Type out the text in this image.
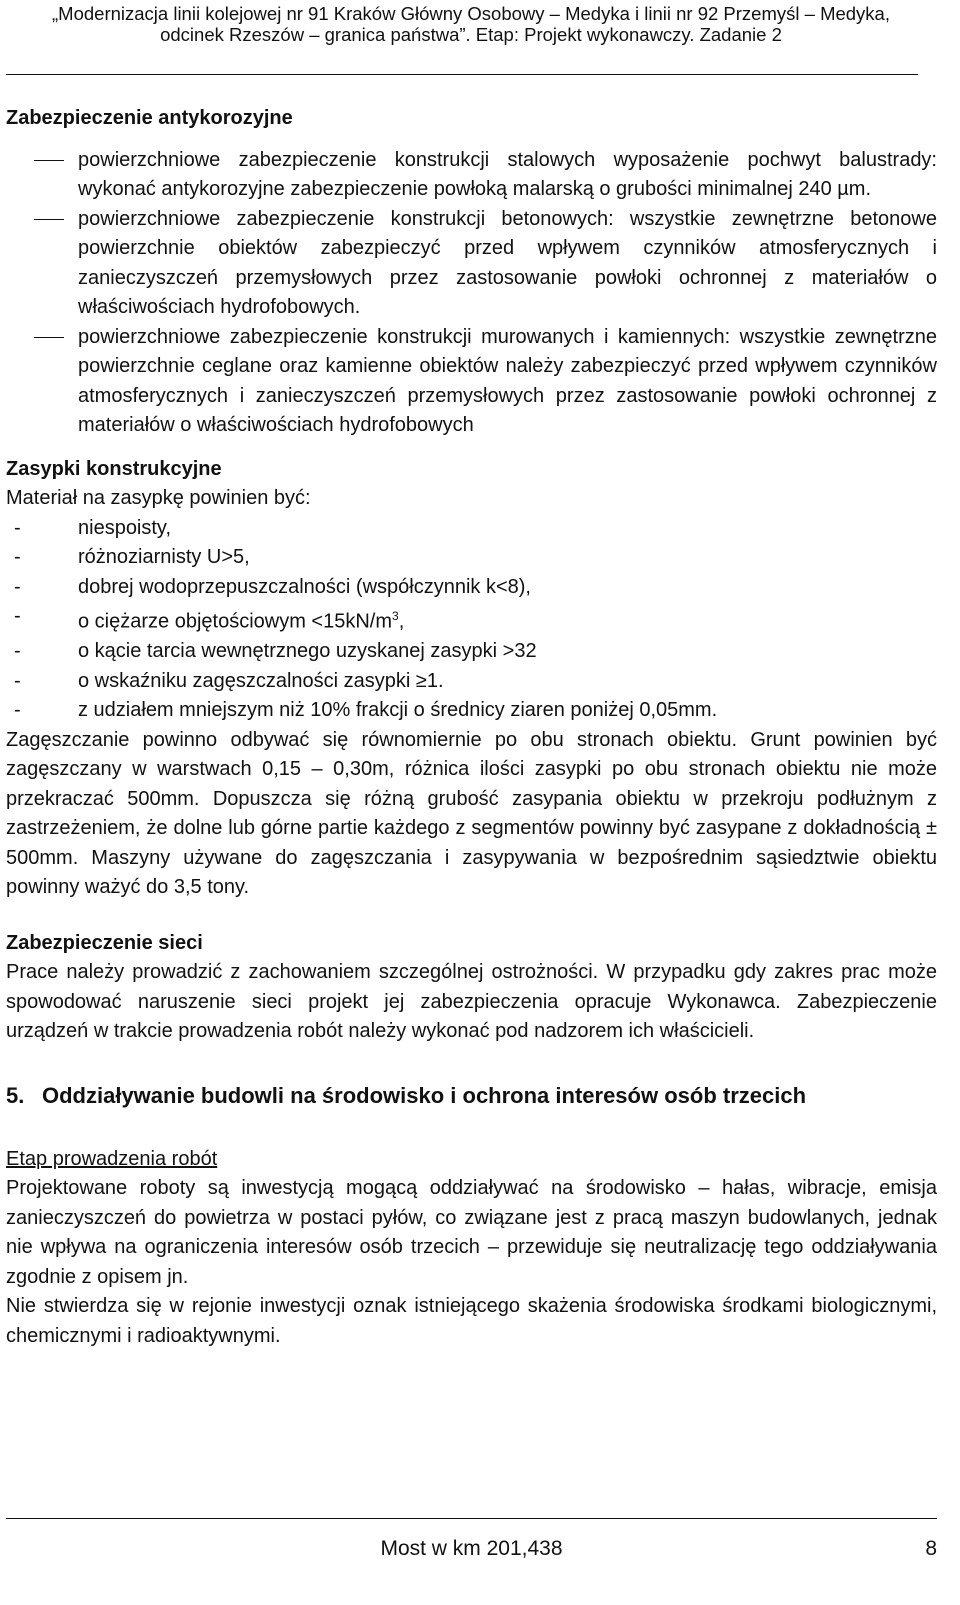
„Modernizacja linii kolejowej nr 91 Kraków Główny Osobowy – Medyka i linii nr 92 Przemyśl – Medyka,
odcinek Rzeszów – granica państwa”. Etap: Projekt wykonawczy. Zadanie 2
Zabezpieczenie antykorozyjne
powierzchniowe zabezpieczenie konstrukcji stalowych wyposażenie pochwyt balustrady: wykonać antykorozyjne zabezpieczenie powłoką malarską o grubości minimalnej 240 µm.
powierzchniowe zabezpieczenie konstrukcji betonowych: wszystkie zewnętrzne betonowe powierzchnie obiektów zabezpieczyć przed wpływem czynników atmosferycznych i zanieczyszczeń przemysłowych przez zastosowanie powłoki ochronnej z materiałów o właściwościach hydrofobowych.
powierzchniowe zabezpieczenie konstrukcji murowanych i kamiennych: wszystkie zewnętrzne powierzchnie ceglane oraz kamienne obiektów należy zabezpieczyć przed wpływem czynników atmosferycznych i zanieczyszczeń przemysłowych przez zastosowanie powłoki ochronnej z materiałów o właściwościach hydrofobowych
Zasypki konstrukcyjne

Materiał na zasypkę powinien być:

-	niespoisty,
-	różnoziarnisty U>5,
-	dobrej wodoprzepuszczalności (współczynnik k<8),
-	o ciężarze objętościowym $<15kN/m^3$,
-	o kącie tarcia wewnętrznego uzyskanej zasypki >32
-	o wskaźniku zagęszczalności zasypki ≥1.
-	z udziałem mniejszym niż 10% frakcji o średnicy ziaren poniżej 0,05mm.

Zagęszczanie powinno odbywać się równomiernie po obu stronach obiektu. Grunt powinien być zagęszczany w warstwach 0,15 – 0,30m, różnica ilości zasypki po obu stronach obiektu nie może przekraczać 500mm. Dopuszcza się różną grubość zasypania obiektu w przekroju podłużnym z zastrzeżeniem, że dolne lub górne partie każdego z segmentów powinny być zasypane z dokładnością ± 500mm. Maszyny używane do zagęszczania i zasypywania w bezpośrednim sąsiedztwie obiektu powinny ważyć do 3,5 tony.

Zabezpieczenie sieci

Prace należy prowadzić z zachowaniem szczególnej ostrożności. W przypadku gdy zakres prac może spowodować naruszenie sieci projekt jej zabezpieczenia opracuje Wykonawca. Zabezpieczenie urządzeń w trakcie prowadzenia robót należy wykonać pod nadzorem ich właścicieli.

5. Oddziaływanie budowli na środowisko i ochrona interesów osób trzecich

Etap prowadzenia robót

Projektowane roboty są inwestycją mogącą oddziaływać na środowisko – hałas, wibracje, emisja zanieczyszczeń do powietrza w postaci pyłów, co związane jest z pracą maszyn budowlanych, jednak nie wpływa na ograniczenia interesów osób trzecich – przewiduje się neutralizację tego oddziaływania zgodnie z opisem jn.

Nie stwierdza się w rejonie inwestycji oznak istniejącego skażenia środowiska środkami biologicznymi, chemicznymi i radioaktywnymi.

Most w km 201,438	8
